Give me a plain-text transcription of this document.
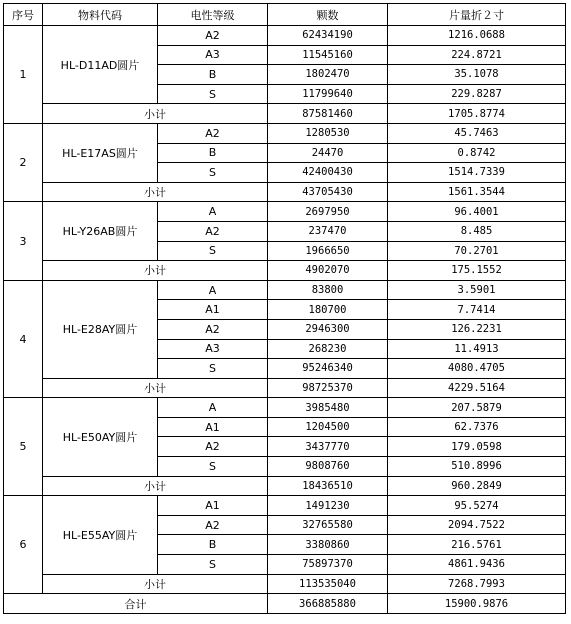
序号	物料代码	电性等级	颗数	片量折２寸
1	HL-D11AD圆片	A2	62434190	1216.0688
		A3	11545160	224.8721
		B	1802470	35.1078
		S	11799640	229.8287
	小计		87581460	1705.8774
2	HL-E17AS圆片	A2	1280530	45.7463
		B	24470	0.8742
		S	42400430	1514.7339
	小计		43705430	1561.3544
3	HL-Y26AB圆片	A	2697950	96.4001
		A2	237470	8.485
		S	1966650	70.2701
	小计		4902070	175.1552
4	HL-E28AY圆片	A	83800	3.5901
		A1	180700	7.7414
		A2	2946300	126.2231
		A3	268230	11.4913
		S	95246340	4080.4705
	小计		98725370	4229.5164
5	HL-E50AY圆片	A	3985480	207.5879
		A1	1204500	62.7376
		A2	3437770	179.0598
		S	9808760	510.8996
	小计		18436510	960.2849
6	HL-E55AY圆片	A1	1491230	95.5274
		A2	32765580	2094.7522
		B	3380860	216.5761
		S	75897370	4861.9436
	小计		113535040	7268.7993
合计			366885880	15900.9876
